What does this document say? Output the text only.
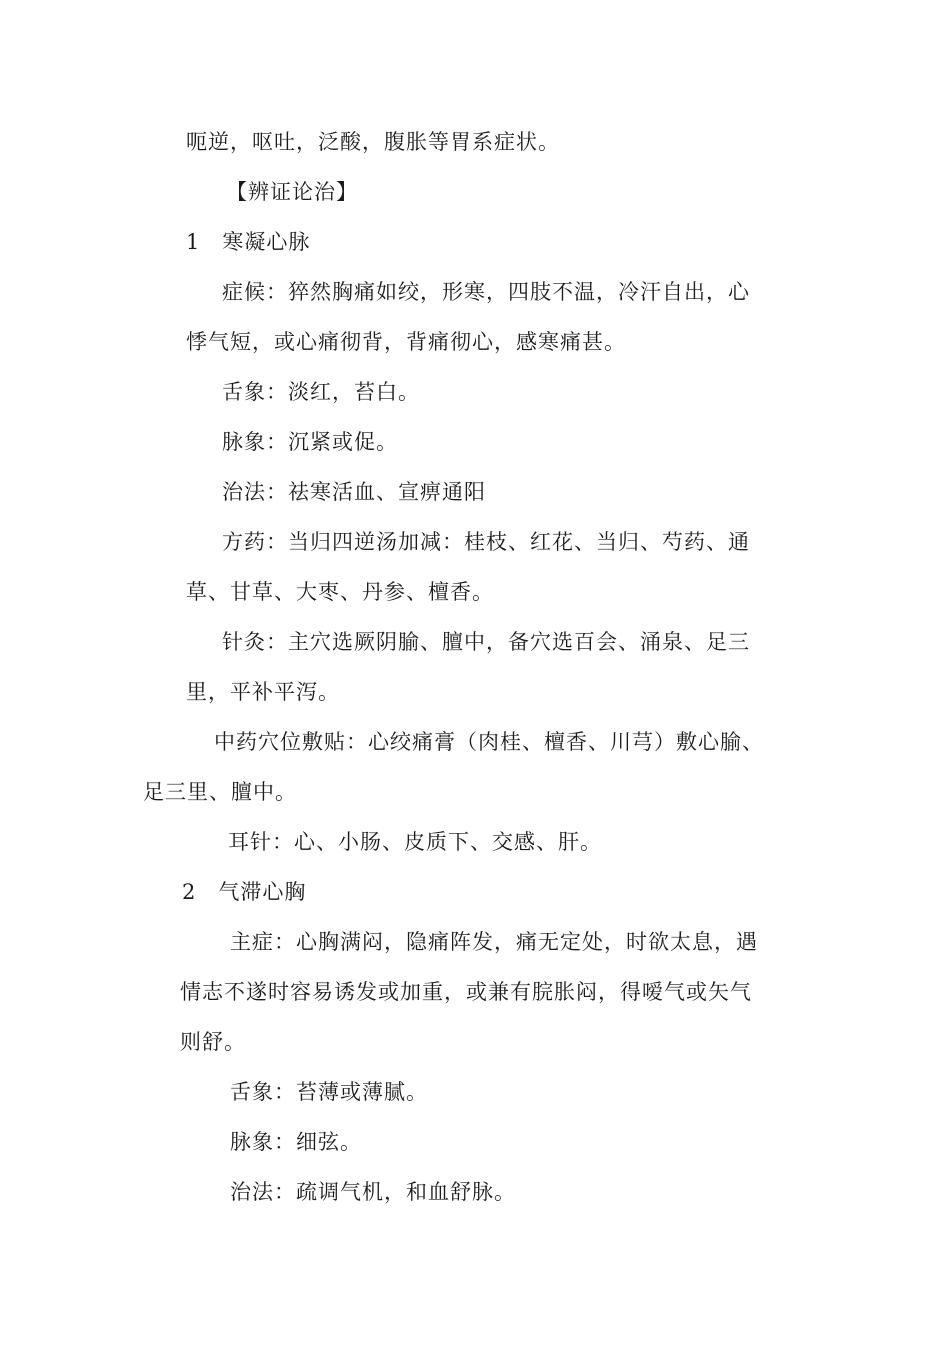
呃逆，呕吐，泛酸，腹胀等胃系症状。
【辨证论治】
1　寒凝心脉
症候：猝然胸痛如绞，形寒，四肢不温，冷汗自出，心
悸气短，或心痛彻背，背痛彻心，感寒痛甚。
舌象：淡红，苔白。
脉象：沉紧或促。
治法：祛寒活血、宣痹通阳
方药：当归四逆汤加减：桂枝、红花、当归、芍药、通
草、甘草、大枣、丹参、檀香。
针灸：主穴选厥阴腧、膻中，备穴选百会、涌泉、足三
里，平补平泻。
中药穴位敷贴：心绞痛膏（肉桂、檀香、川芎）敷心腧、
足三里、膻中。
耳针：心、小肠、皮质下、交感、肝。
2　气滞心胸
主症：心胸满闷，隐痛阵发，痛无定处，时欲太息，遇
情志不遂时容易诱发或加重，或兼有脘胀闷，得嗳气或矢气
则舒。
舌象：苔薄或薄腻。
脉象：细弦。
治法：疏调气机，和血舒脉。
